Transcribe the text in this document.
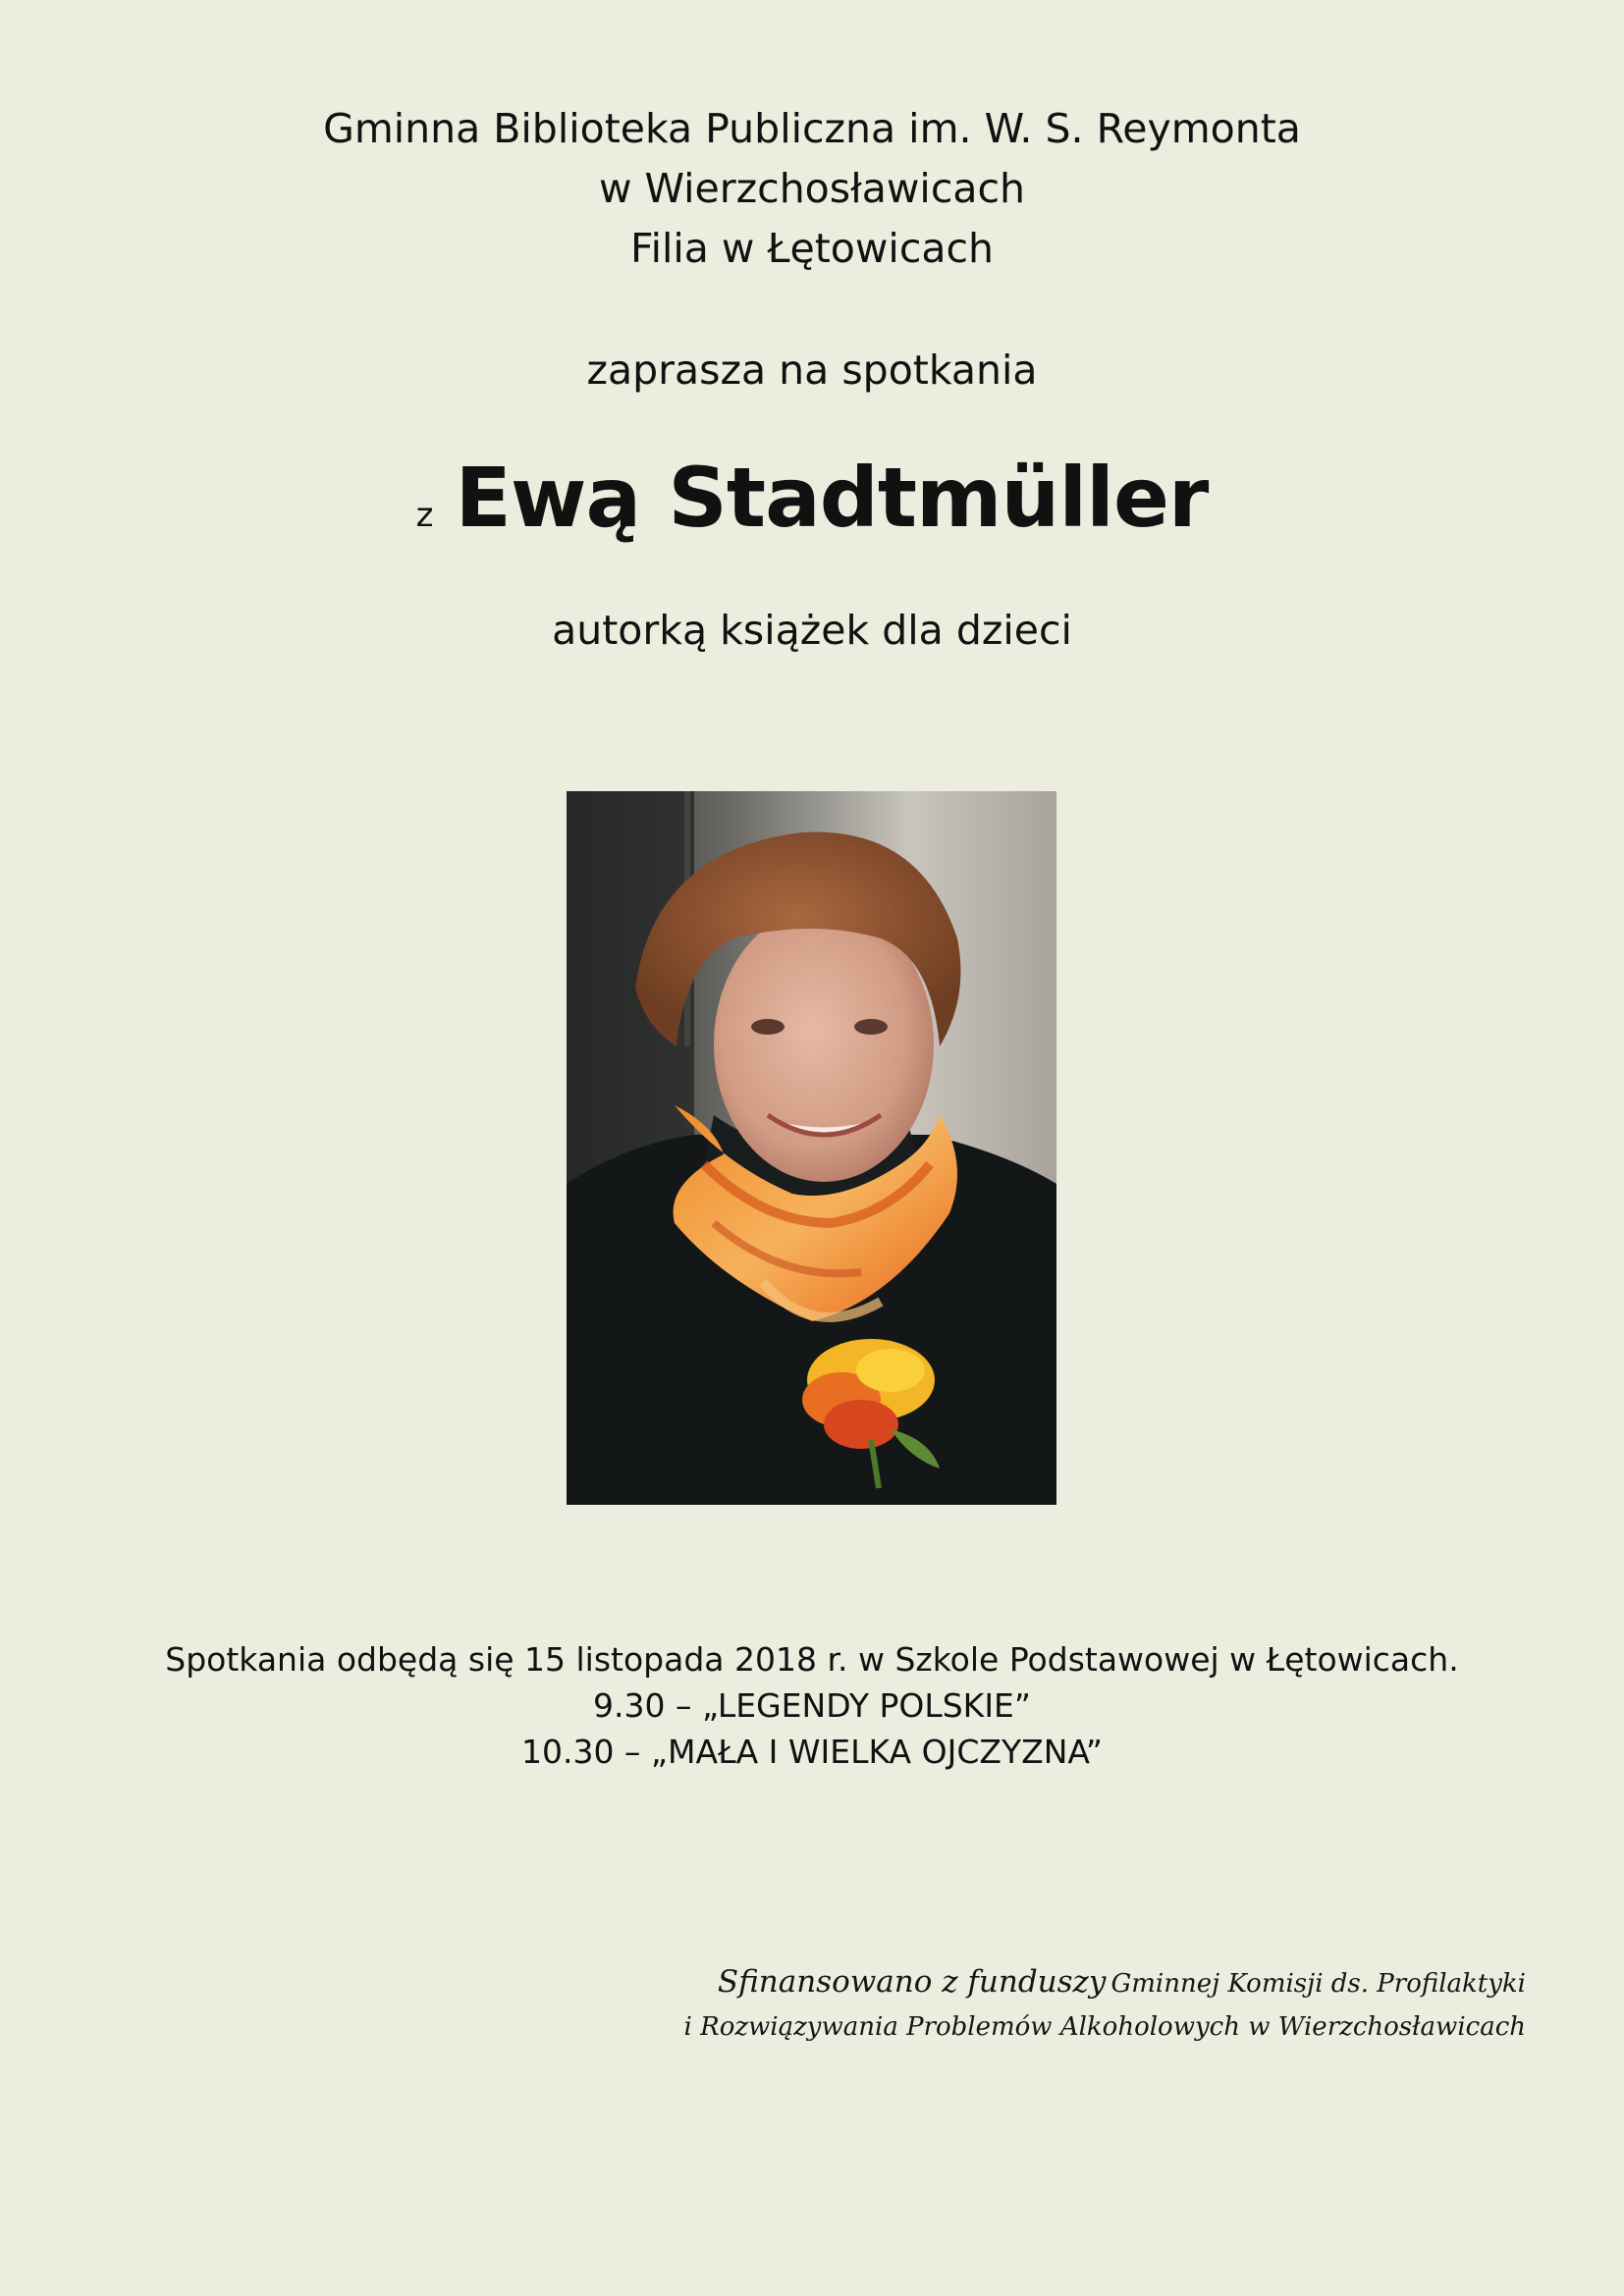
Gminna Biblioteka Publiczna im. W. S. Reymonta
w Wierzchosławicach
Filia w Łętowicach
zaprasza na spotkania
z Ewą Stadtmüller
autorką książek dla dzieci
Spotkania odbędą się 15 listopada 2018 r. w Szkole Podstawowej w Łętowicach.
9.30 – „LEGENDY POLSKIE”
10.30 – „MAŁA I WIELKA OJCZYZNA”
Sfinansowano z funduszy Gminnej Komisji ds. Profilaktyki
i Rozwiązywania Problemów Alkoholowych w Wierzchosławicach
